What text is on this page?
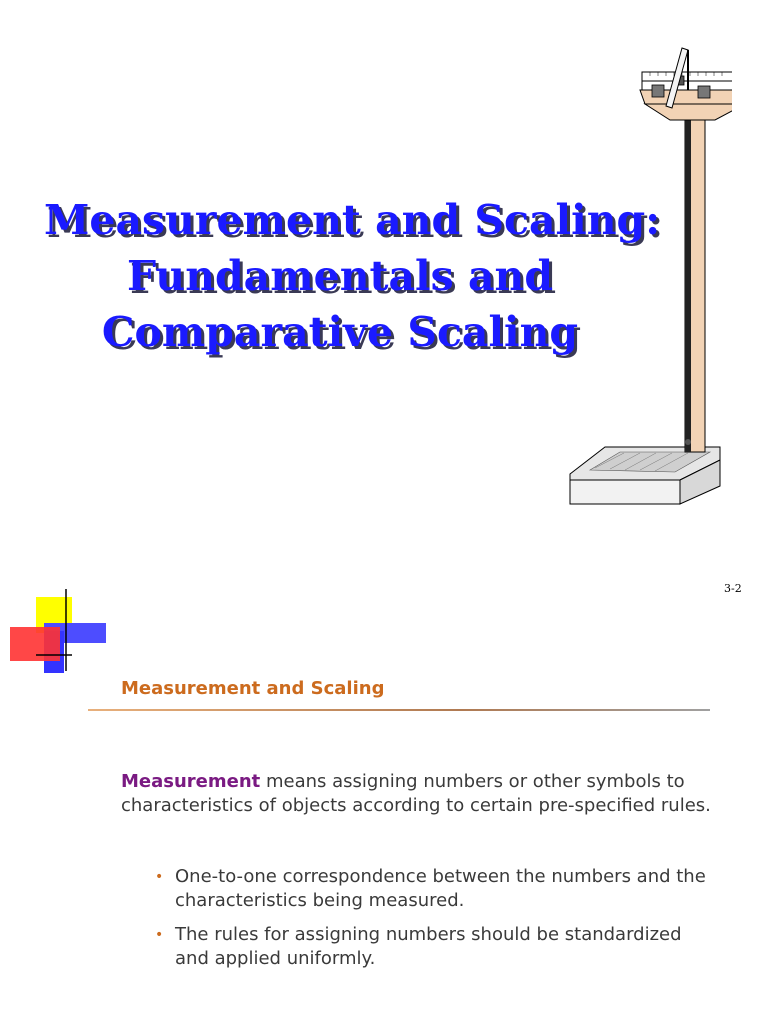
Measurement and Scaling:
Fundamentals and
Comparative Scaling
3-2
Measurement and Scaling
Measurement means assigning numbers or other symbols to characteristics of objects according to certain pre-specified rules.
• One-to-one correspondence between the numbers and the characteristics being measured.
• The rules for assigning numbers should be standardized and applied uniformly.
